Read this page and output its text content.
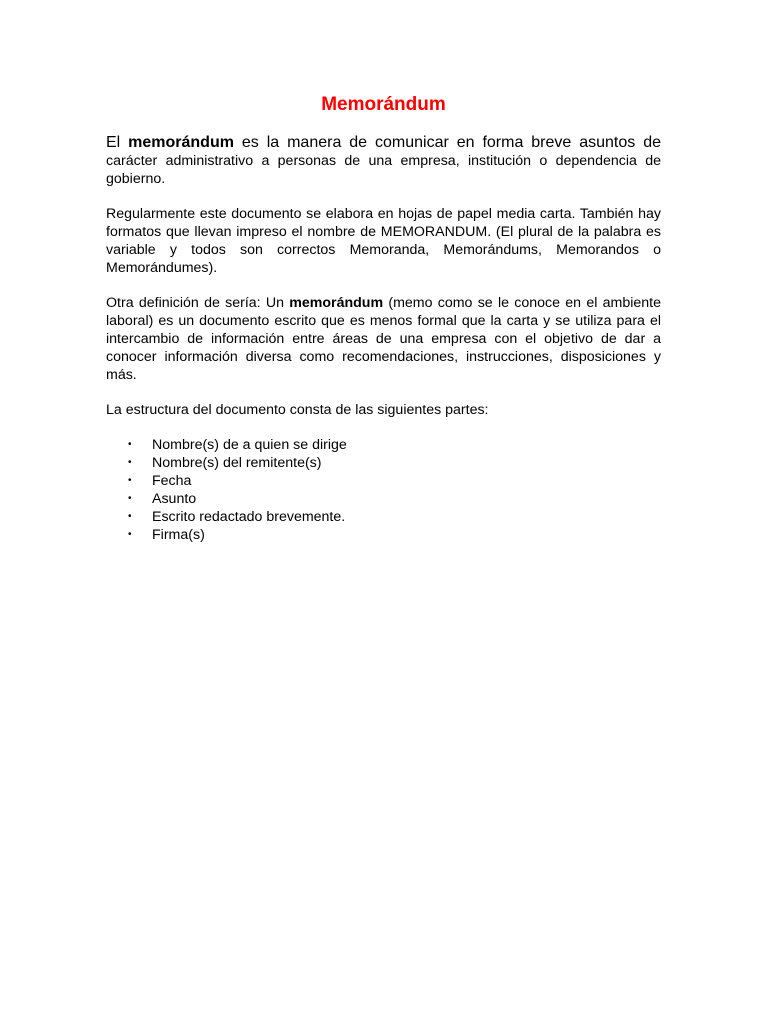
Memorándum

El memorándum es la manera de comunicar en forma breve asuntos de carácter administrativo a personas de una empresa, institución o dependencia de gobierno.

Regularmente este documento se elabora en hojas de papel media carta. También hay formatos que llevan impreso el nombre de MEMORANDUM. (El plural de la palabra es variable y todos son correctos Memoranda, Memorándums, Memorandos o Memorándumes).

Otra definición de sería: Un memorándum (memo como se le conoce en el ambiente laboral) es un documento escrito que es menos formal que la carta y se utiliza para el intercambio de información entre áreas de una empresa con el objetivo de dar a conocer información diversa como recomendaciones, instrucciones, disposiciones y más.

La estructura del documento consta de las siguientes partes:

• Nombre(s) de a quien se dirige
• Nombre(s) del remitente(s)
• Fecha
• Asunto
• Escrito redactado brevemente.
• Firma(s)
